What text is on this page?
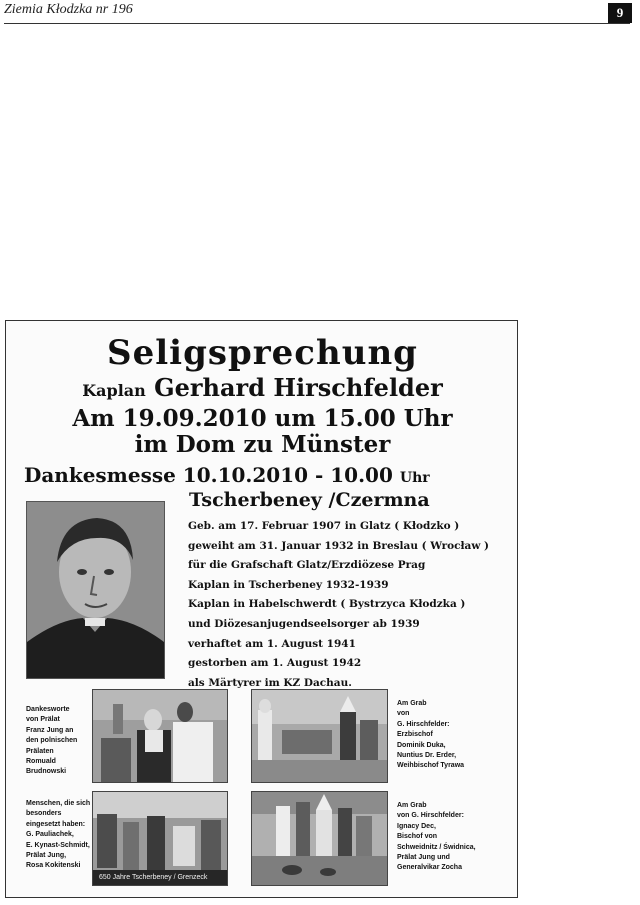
Ziemia Kłodzka nr 196	9
Seligsprechung
Kaplan Gerhard Hirschfelder
Am 19.09.2010 um 15.00 Uhr
im Dom zu Münster
Dankesmesse 10.10.2010 - 10.00 Uhr
Tscherbeney /Czermna
Geb. am 17. Februar 1907 in Glatz ( Kłodzko )
geweiht am 31. Januar 1932 in Breslau ( Wrocław )
für die Grafschaft Glatz/Erzdiözese Prag
Kaplan in Tscherbeney 1932-1939
Kaplan in Habelschwerdt ( Bystrzyca Kłodzka )
und Diözesanjugendseelsorger ab 1939
verhaftet am 1. August 1941
gestorben am 1. August 1942
als Märtyrer im KZ Dachau.
Dankesworte
von Prälat
Franz Jung an
den polnischen
Prälaten
Romuald
Brudnowski
Am Grab
von
G. Hirschfelder:
Erzbischof
Dominik Duka,
Nuntius Dr. Erder,
Weihbischof Tyrawa
Menschen, die sich
besonders
eingesetzt haben:
G. Pauliachek,
E. Kynast-Schmidt,
Prälat Jung,
Rosa Kokitenski
650 Jahre Tscherbeney / Grenzeck
Am Grab
von G. Hirschfelder:
Ignacy Dec,
Bischof von
Schweidnitz / Świdnica,
Prälat Jung und
Generalvikar Zocha
